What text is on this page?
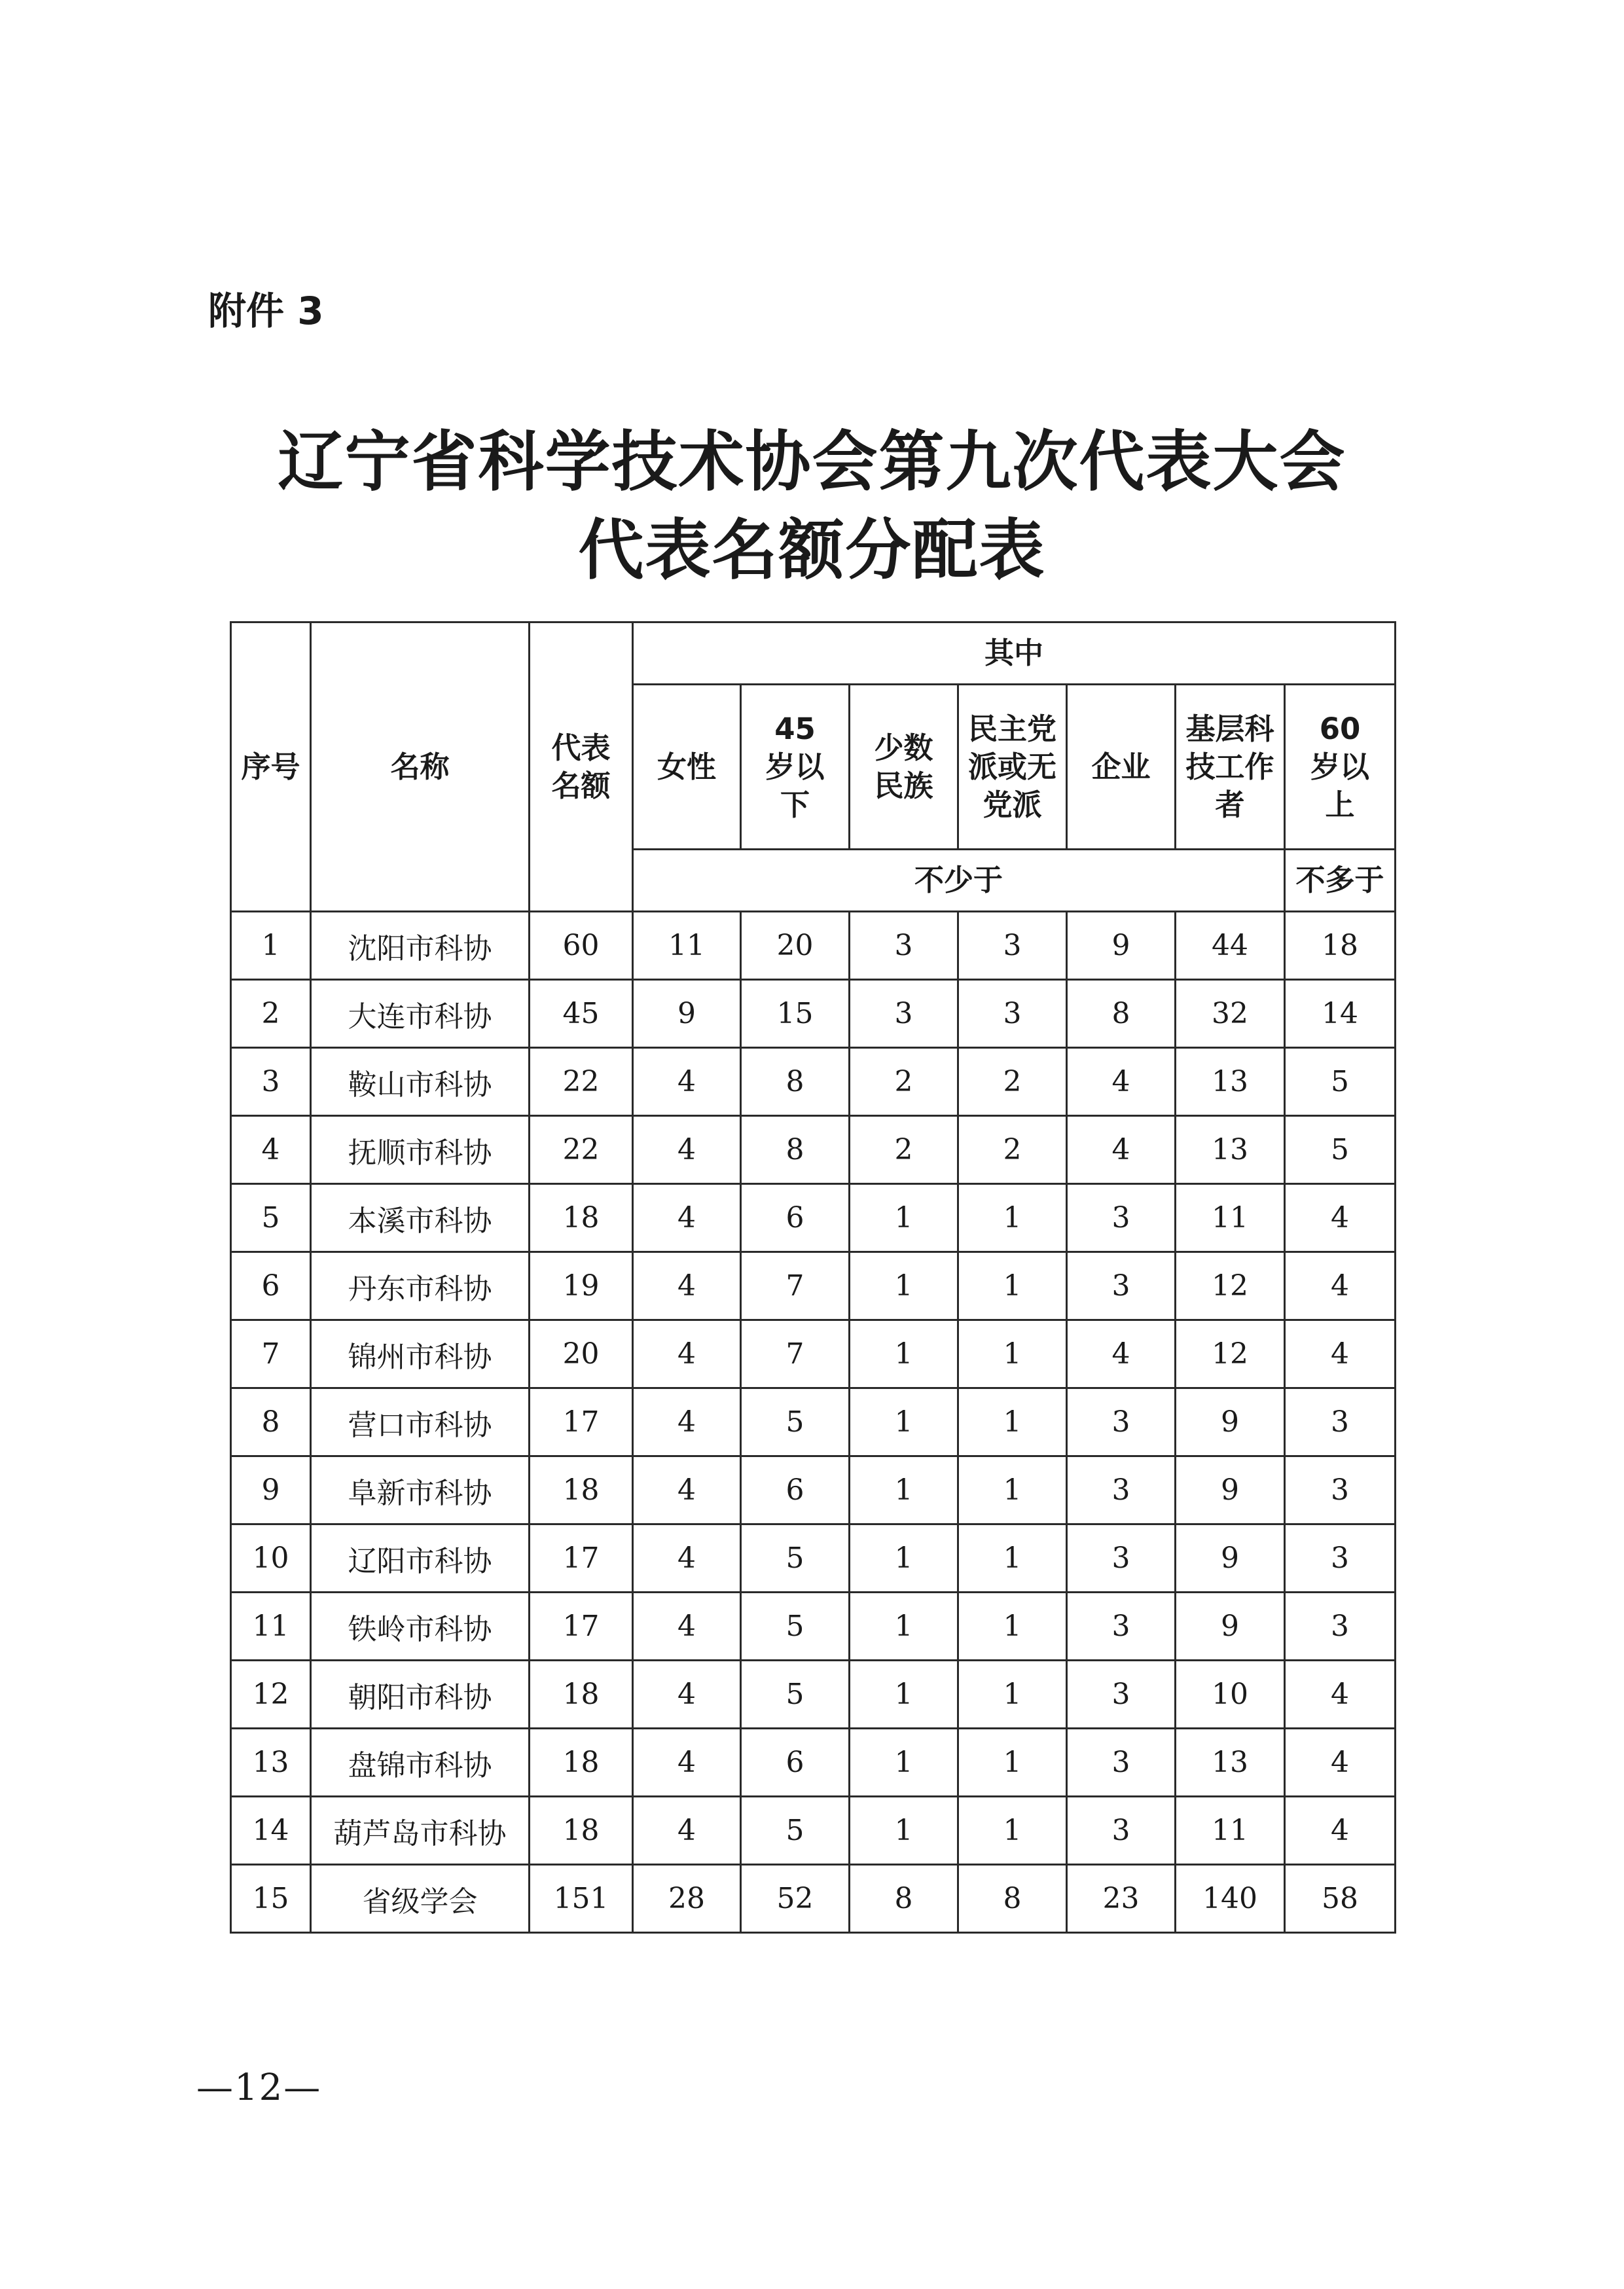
附件 3
辽宁省科学技术协会第九次代表大会
代表名额分配表
序号	名称	代表名额	其中						
			女性	45 岁以下	少数民族	民主党派或无党派	企业	基层科技工作者	60 岁以上

			不少于						不多于
1	沈阳市科协	60	11	20	3	3	9	44	18
2	大连市科协	45	9	15	3	3	8	32	14
3	鞍山市科协	22	4	8	2	2	4	13	5
4	抚顺市科协	22	4	8	2	2	4	13	5
5	本溪市科协	18	4	6	1	1	3	11	4
6	丹东市科协	19	4	7	1	1	3	12	4
7	锦州市科协	20	4	7	1	1	4	12	4
8	营口市科协	17	4	5	1	1	3	9	3
9	阜新市科协	18	4	6	1	1	3	9	3
10	辽阳市科协	17	4	5	1	1	3	9	3
11	铁岭市科协	17	4	5	1	1	3	9	3
12	朝阳市科协	18	4	5	1	1	3	10	4
13	盘锦市科协	18	4	6	1	1	3	13	4
14	葫芦岛市科协	18	4	5	1	1	3	11	4
15	省级学会	151	28	52	8	8	23	140	58
—12—
